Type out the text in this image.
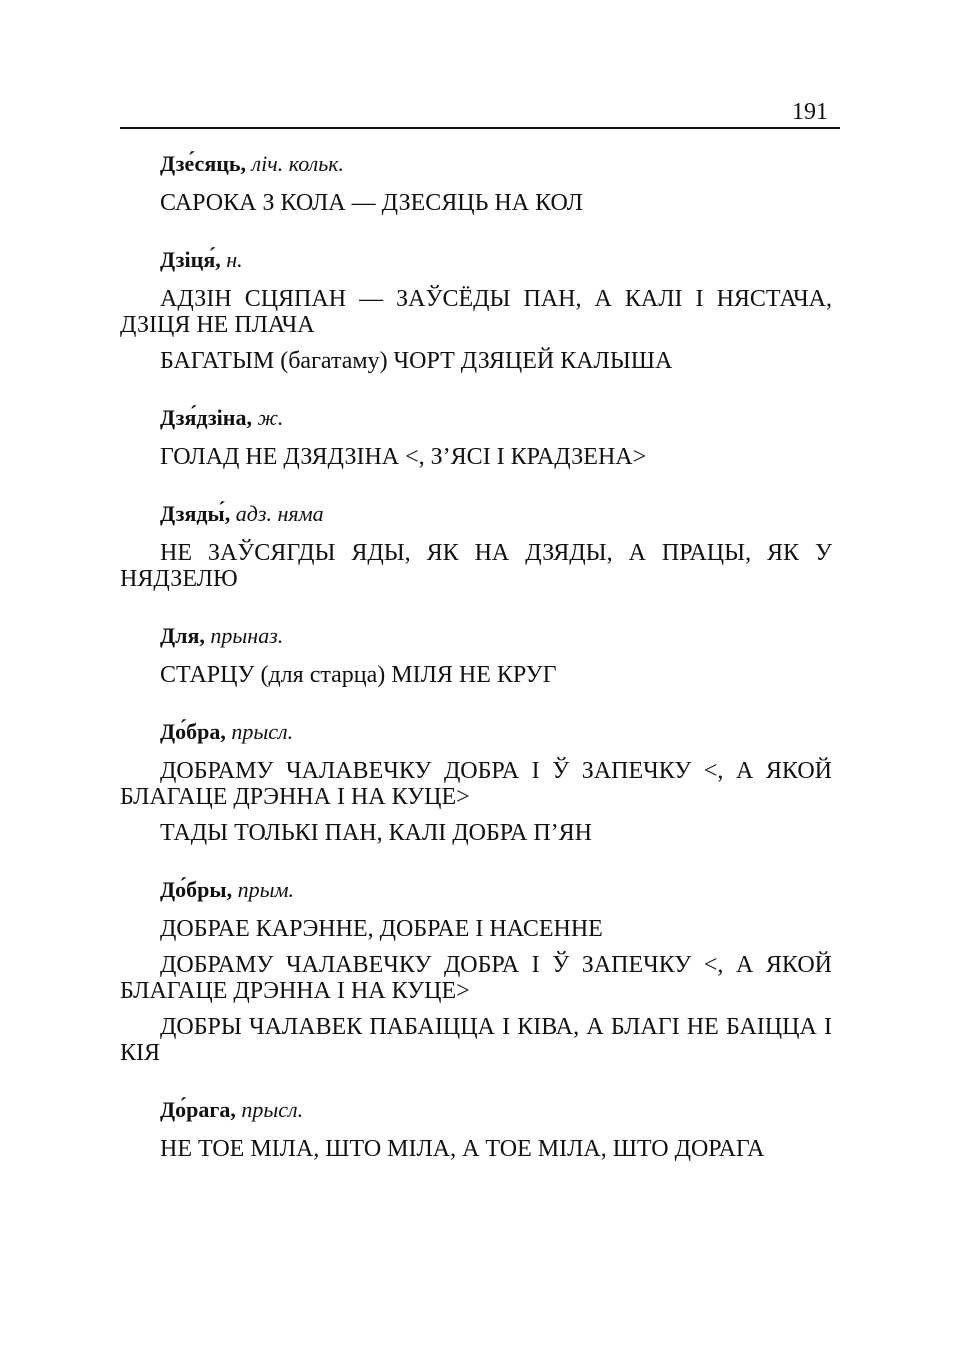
191
Дзе́сяць, ліч. кольк.
САРОКА З КОЛА — ДЗЕСЯЦЬ НА КОЛ
Дзіця́, н.
АДЗІН СЦЯПАН — ЗАЎСЁДЫ ПАН, А КАЛІ І НЯСТАЧА, ДЗІЦЯ НЕ ПЛАЧА
БАГАТЫМ (багатаму) ЧОРТ ДЗЯЦЕЙ КАЛЫША
Дзя́дзіна, ж.
ГОЛАД НЕ ДЗЯДЗІНА <, З’ЯСІ І КРАДЗЕНА>
Дзяды́, адз. няма
НЕ ЗАЎСЯГДЫ ЯДЫ, ЯК НА ДЗЯДЫ, А ПРАЦЫ, ЯК У НЯДЗЕЛЮ
Для, прыназ.
СТАРЦУ (для старца) МІЛЯ НЕ КРУГ
До́бра, прысл.
ДОБРАМУ ЧАЛАВЕЧКУ ДОБРА І Ў ЗАПЕЧКУ <, А ЯКОЙ БЛАГАЦЕ ДРЭННА І НА КУЦЕ>
ТАДЫ ТОЛЬКІ ПАН, КАЛІ ДОБРА П’ЯН
До́бры, прым.
ДОБРАЕ КАРЭННЕ, ДОБРАЕ І НАСЕННЕ
ДОБРАМУ ЧАЛАВЕЧКУ ДОБРА І Ў ЗАПЕЧКУ <, А ЯКОЙ БЛАГАЦЕ ДРЭННА І НА КУЦЕ>
ДОБРЫ ЧАЛАВЕК ПАБАІЦЦА І КІВА, А БЛАГІ НЕ БАІЦЦА І КІЯ
До́рага, прысл.
НЕ ТОЕ МІЛА, ШТО МІЛА, А ТОЕ МІЛА, ШТО ДОРАГА
